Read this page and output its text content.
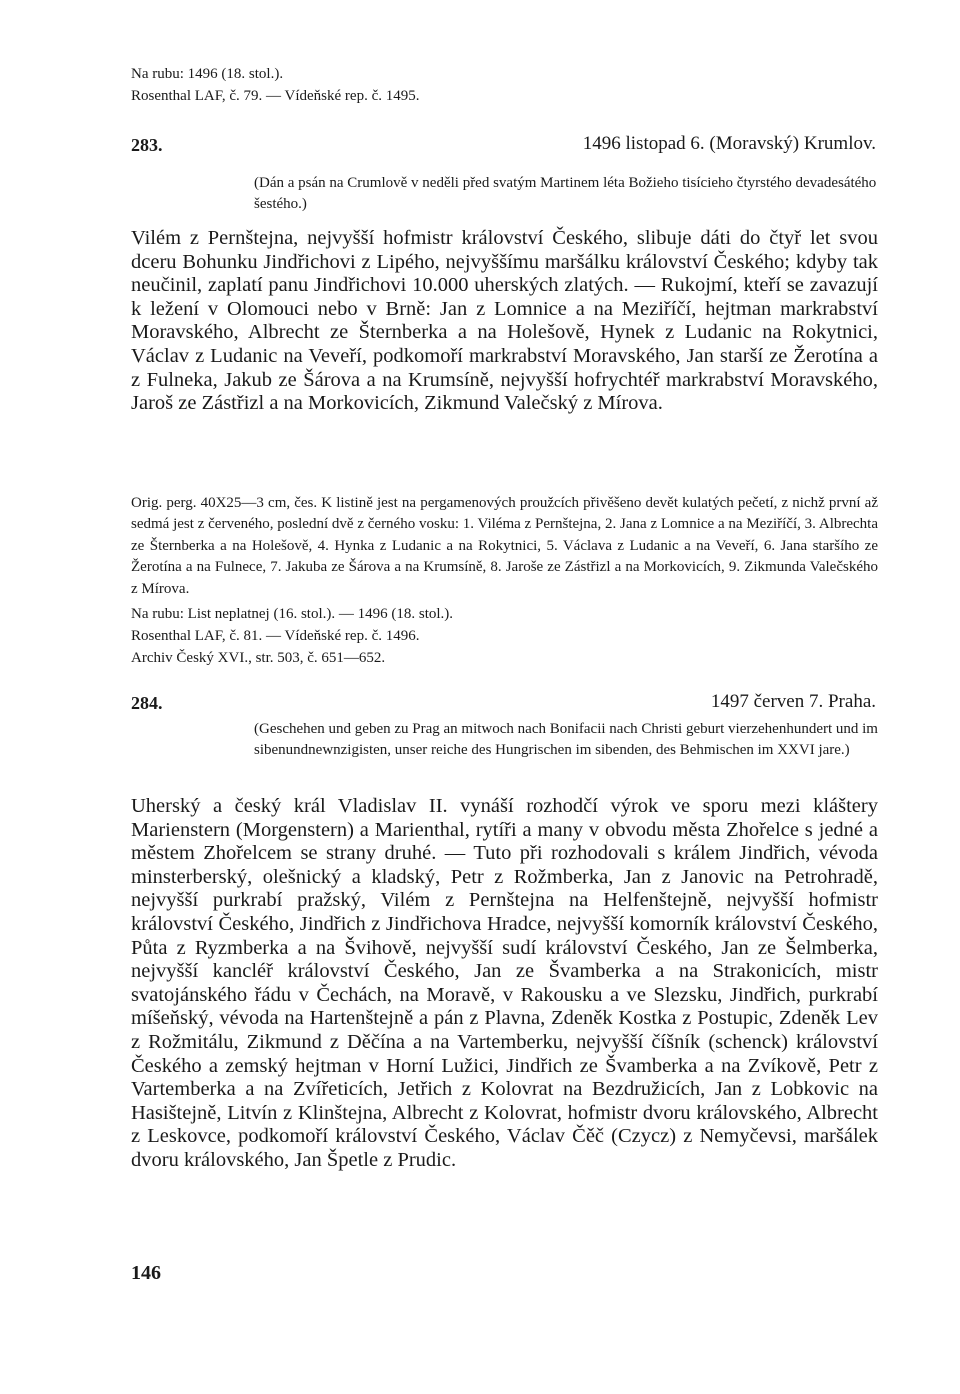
Na rubu: 1496 (18. stol.).
Rosenthal LAF, č. 79. — Vídeňské rep. č. 1495.
283.	1496 listopad 6. (Moravský) Krumlov.
(Dán a psán na Crumlově v neděli před svatým Martinem léta Božieho tisícieho čtyrstého devadesátého šestého.)
Vilém z Pernštejna, nejvyšší hofmistr království Českého, slibuje dáti do čtyř let svou dceru Bohunku Jindřichovi z Lipého, nejvyššímu maršálku království Českého; kdyby tak neučinil, zaplatí panu Jindřichovi 10.000 uherských zlatých. — Rukojmí, kteří se zavazují k ležení v Olomouci nebo v Brně: Jan z Lomnice a na Meziříčí, hejtman markrabství Moravského, Albrecht ze Šternberka a na Holešově, Hynek z Ludanic na Rokytnici, Václav z Ludanic na Veveří, podkomoří markrabství Moravského, Jan starší ze Žerotína a z Fulneka, Jakub ze Šárova a na Krumsíně, nejvyšší hofrychtéř markrabství Moravského, Jaroš ze Zástřizl a na Morkovicích, Zikmund Valečský z Mírova.
Orig. perg. 40X25—3 cm, čes. K listině jest na pergamenových proužcích přivěšeno devět kulatých pečetí, z nichž první až sedmá jest z červeného, poslední dvě z černého vosku: 1. Viléma z Pernštejna, 2. Jana z Lomnice a na Meziříčí, 3. Albrechta ze Šternberka a na Holešově, 4. Hynka z Ludanic a na Rokytnici, 5. Václava z Ludanic a na Veveří, 6. Jana staršího ze Žerotína a na Fulnece, 7. Jakuba ze Šárova a na Krumsíně, 8. Jaroše ze Zástřizl a na Morkovicích, 9. Zikmunda Valečského z Mírova.
Na rubu: List neplatnej (16. stol.). — 1496 (18. stol.).
Rosenthal LAF, č. 81. — Vídeňské rep. č. 1496.
Archiv Český XVI., str. 503, č. 651—652.
284.	1497 červen 7. Praha.
(Geschehen und geben zu Prag an mitwoch nach Bonifacii nach Christi geburt vierzehenhundert und im sibenundnewnzigisten, unser reiche des Hungrischen im sibenden, des Behmischen im XXVI jare.)
Uherský a český král Vladislav II. vynáší rozhodčí výrok ve sporu mezi kláštery Marienstern (Morgenstern) a Marienthal, rytíři a many v obvodu města Zhořelce s jedné a městem Zhořelcem se strany druhé. — Tuto při rozhodovali s králem Jindřich, vévoda minsterberský, olešnický a kladský, Petr z Rožmberka, Jan z Janovic na Petrohradě, nejvyšší purkrabí pražský, Vilém z Pernštejna na Helfenštejně, nejvyšší hofmistr království Českého, Jindřich z Jindřichova Hradce, nejvyšší komorník království Českého, Půta z Ryzmberka a na Švihově, nejvyšší sudí království Českého, Jan ze Šelmberka, nejvyšší kancléř království Českého, Jan ze Švamberka a na Strakonicích, mistr svatojánského řádu v Čechách, na Moravě, v Rakousku a ve Slezsku, Jindřich, purkrabí míšeňský, vévoda na Hartenštejně a pán z Plavna, Zdeněk Kostka z Postupic, Zdeněk Lev z Rožmitálu, Zikmund z Děčína a na Vartemberku, nejvyšší číšník (schenck) království Českého a zemský hejtman v Horní Lužici, Jindřich ze Švamberka a na Zvíkově, Petr z Vartemberka a na Zvířeticích, Jetřich z Kolovrat na Bezdružicích, Jan z Lobkovic na Hasištejně, Litvín z Klinštejna, Albrecht z Kolovrat, hofmistr dvoru královského, Albrecht z Leskovce, podkomoří království Českého, Václav Čěč (Czycz) z Nemyčevsi, maršálek dvoru královského, Jan Špetle z Prudic.
146
